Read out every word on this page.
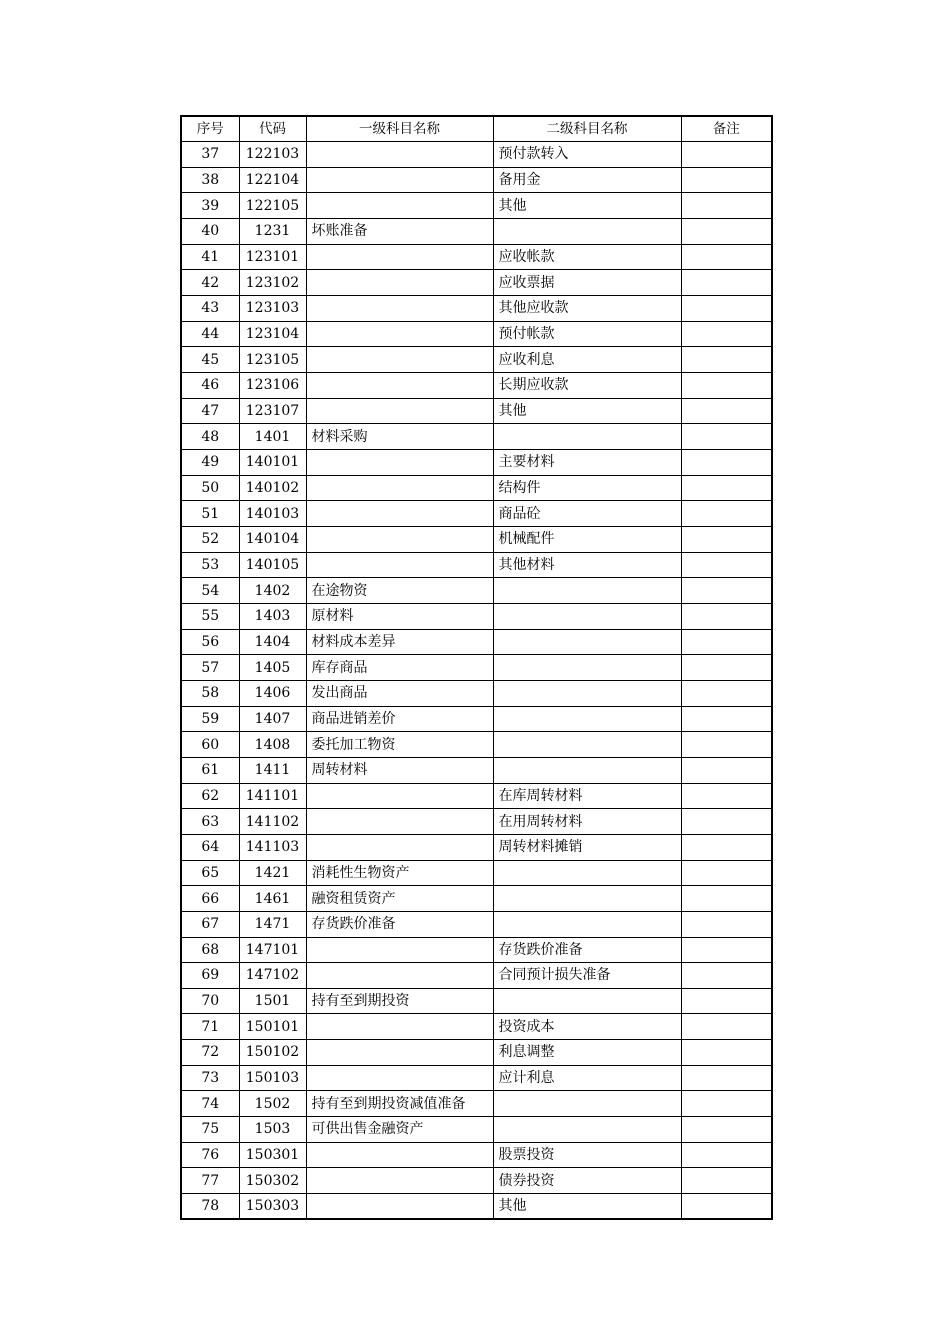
序号	代码	一级科目名称	二级科目名称	备注
37	122103		预付款转入	
38	122104		备用金	
39	122105		其他	
40	1231	坏账准备		
41	123101		应收帐款	
42	123102		应收票据	
43	123103		其他应收款	
44	123104		预付帐款	
45	123105		应收利息	
46	123106		长期应收款	
47	123107		其他	
48	1401	材料采购		
49	140101		主要材料	
50	140102		结构件	
51	140103		商品砼	
52	140104		机械配件	
53	140105		其他材料	
54	1402	在途物资		
55	1403	原材料		
56	1404	材料成本差异		
57	1405	库存商品		
58	1406	发出商品		
59	1407	商品进销差价		
60	1408	委托加工物资		
61	1411	周转材料		
62	141101		在库周转材料	
63	141102		在用周转材料	
64	141103		周转材料摊销	
65	1421	消耗性生物资产		
66	1461	融资租赁资产		
67	1471	存货跌价准备		
68	147101		存货跌价准备	
69	147102		合同预计损失准备	
70	1501	持有至到期投资		
71	150101		投资成本	
72	150102		利息调整	
73	150103		应计利息	
74	1502	持有至到期投资减值准备		
75	1503	可供出售金融资产		
76	150301		股票投资	
77	150302		债券投资	
78	150303		其他	
